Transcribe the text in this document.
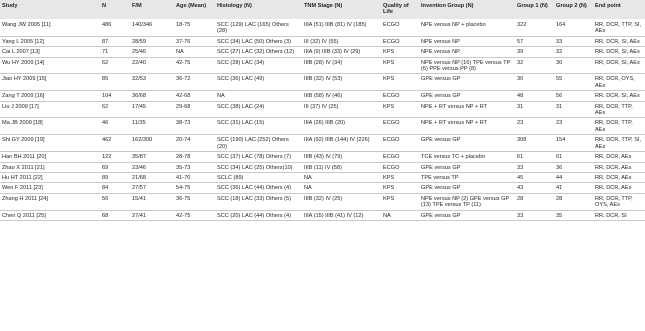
Study	N	F/M	Age (Mean)	Histology (N)	TNM Stage (N)	Quality of Life	Invention Group (N)	Group 1 (N)	Group 2 (N)	End point
Wang JW 2005 [11]	486	140/346	18-75	SCC (129) LAC (165) Others (28)	IIIA (51) IIIB (81) IV (185)	ECGO	NPE versus NP + placebo	322	164	RR, DCR, TTP, SI, AEs
Yang L 2005 [12]	87	28/59	37-76	SCC (34) LAC (50) Others (3)	III (32) IV (55)	ECGO	NPE versus NP	57	33	RR, DCR, SI, AEs
Cai L 2007 [13]	71	25/46	NA	SCC (27) LAC (32) Others (12)	IIIA (9) IIIB (33) IV (29)	KPS	NPE versus NP	39	32	RR, DCR, SI, AEs
Wu HY 2009 [14]	62	22/40	42-75	SCC (28) LAC (34)	IIIB (28) IV (34)	KPS	NPE versus NP (16) TPE versus TP (6) PPE versus PP (8)	32	30	RR, DCR, SI, AEs
Jiao HY 2009 [15]	85	32/53	36-72	SCC (36) LAC (49)	IIIB (32) IV (53)	KPS	GPE versus GP	30	55	RR, DCR, OYS, AEs
Zang T 2009 [16]	104	36/68	42-68	NA	IIIB (58) IV (46)	ECGO	GPE versus GP	48	56	RR, DCR, SI, AEs
Liu J 2009 [17]	62	17/45	29-68	SCC (38) LAC (24)	III (37) IV (25)	KPS	NPE + RT versus NP + RT	31	31	RR, DCR, TTP, AEs
Ma JB 2009 [18]	46	11/35	38-73	SCC (31) LAC (15)	IIIA (26) IIIB (20)	ECGO	NPE + RT versus NP + RT	23	23	RR, DCR, TTP, AEs
Shi GY 2009 [19]	462	162/300	20-74	SCC (190) LAC (252) Others (20)	IIIA (92) IIIB (144) IV (226)	ECGO	GPE versus GP	308	154	RR, DCR, TTP, SI, AEs
Han BH 2011 [20]	122	35/87	28-78	SCC (37) LAC (78) Others (7)	IIIB (43) IV (79)	ECGO	TCE versus TC + placebo	61	61	RR, DCR, AEs
Zhao X 2011 [21]	69	23/46	35-73	SCC (34) LAC (25) Others(10)	IIIB (11) IV (58)	ECGO	GPE versus GP	33	36	RR, DCR, AEs
Hu HT 2011 [22]	89	21/68	41-70	SCLC (89)	NA	KPS	TPE versus TP	45	44	RR, DCR, AEs
Wen F 2011 [23]	84	27/57	54-75	SCC (36) LAC (44) Others (4)	NA	KPS	GPE versus GP	43	41	RR, DCR, AEs
Zhang H 2011 [24]	56	15/41	36-75	SCC (18) LAC (33) Others (5)	IIIB (32) IV (25)	KPS	NPE versus NP (2) GPE versus GP (13) TPE versus TP (11)	28	28	RR, DCR, TTP, OYS, AEs
Chen Q 2011 [25]	68	27/41	42-75	SCC (20) LAC (44) Others (4)	IIIA (15) IIIB (41) IV (12)	NA	GPE versus GP	33	35	RR, DCR, SI
